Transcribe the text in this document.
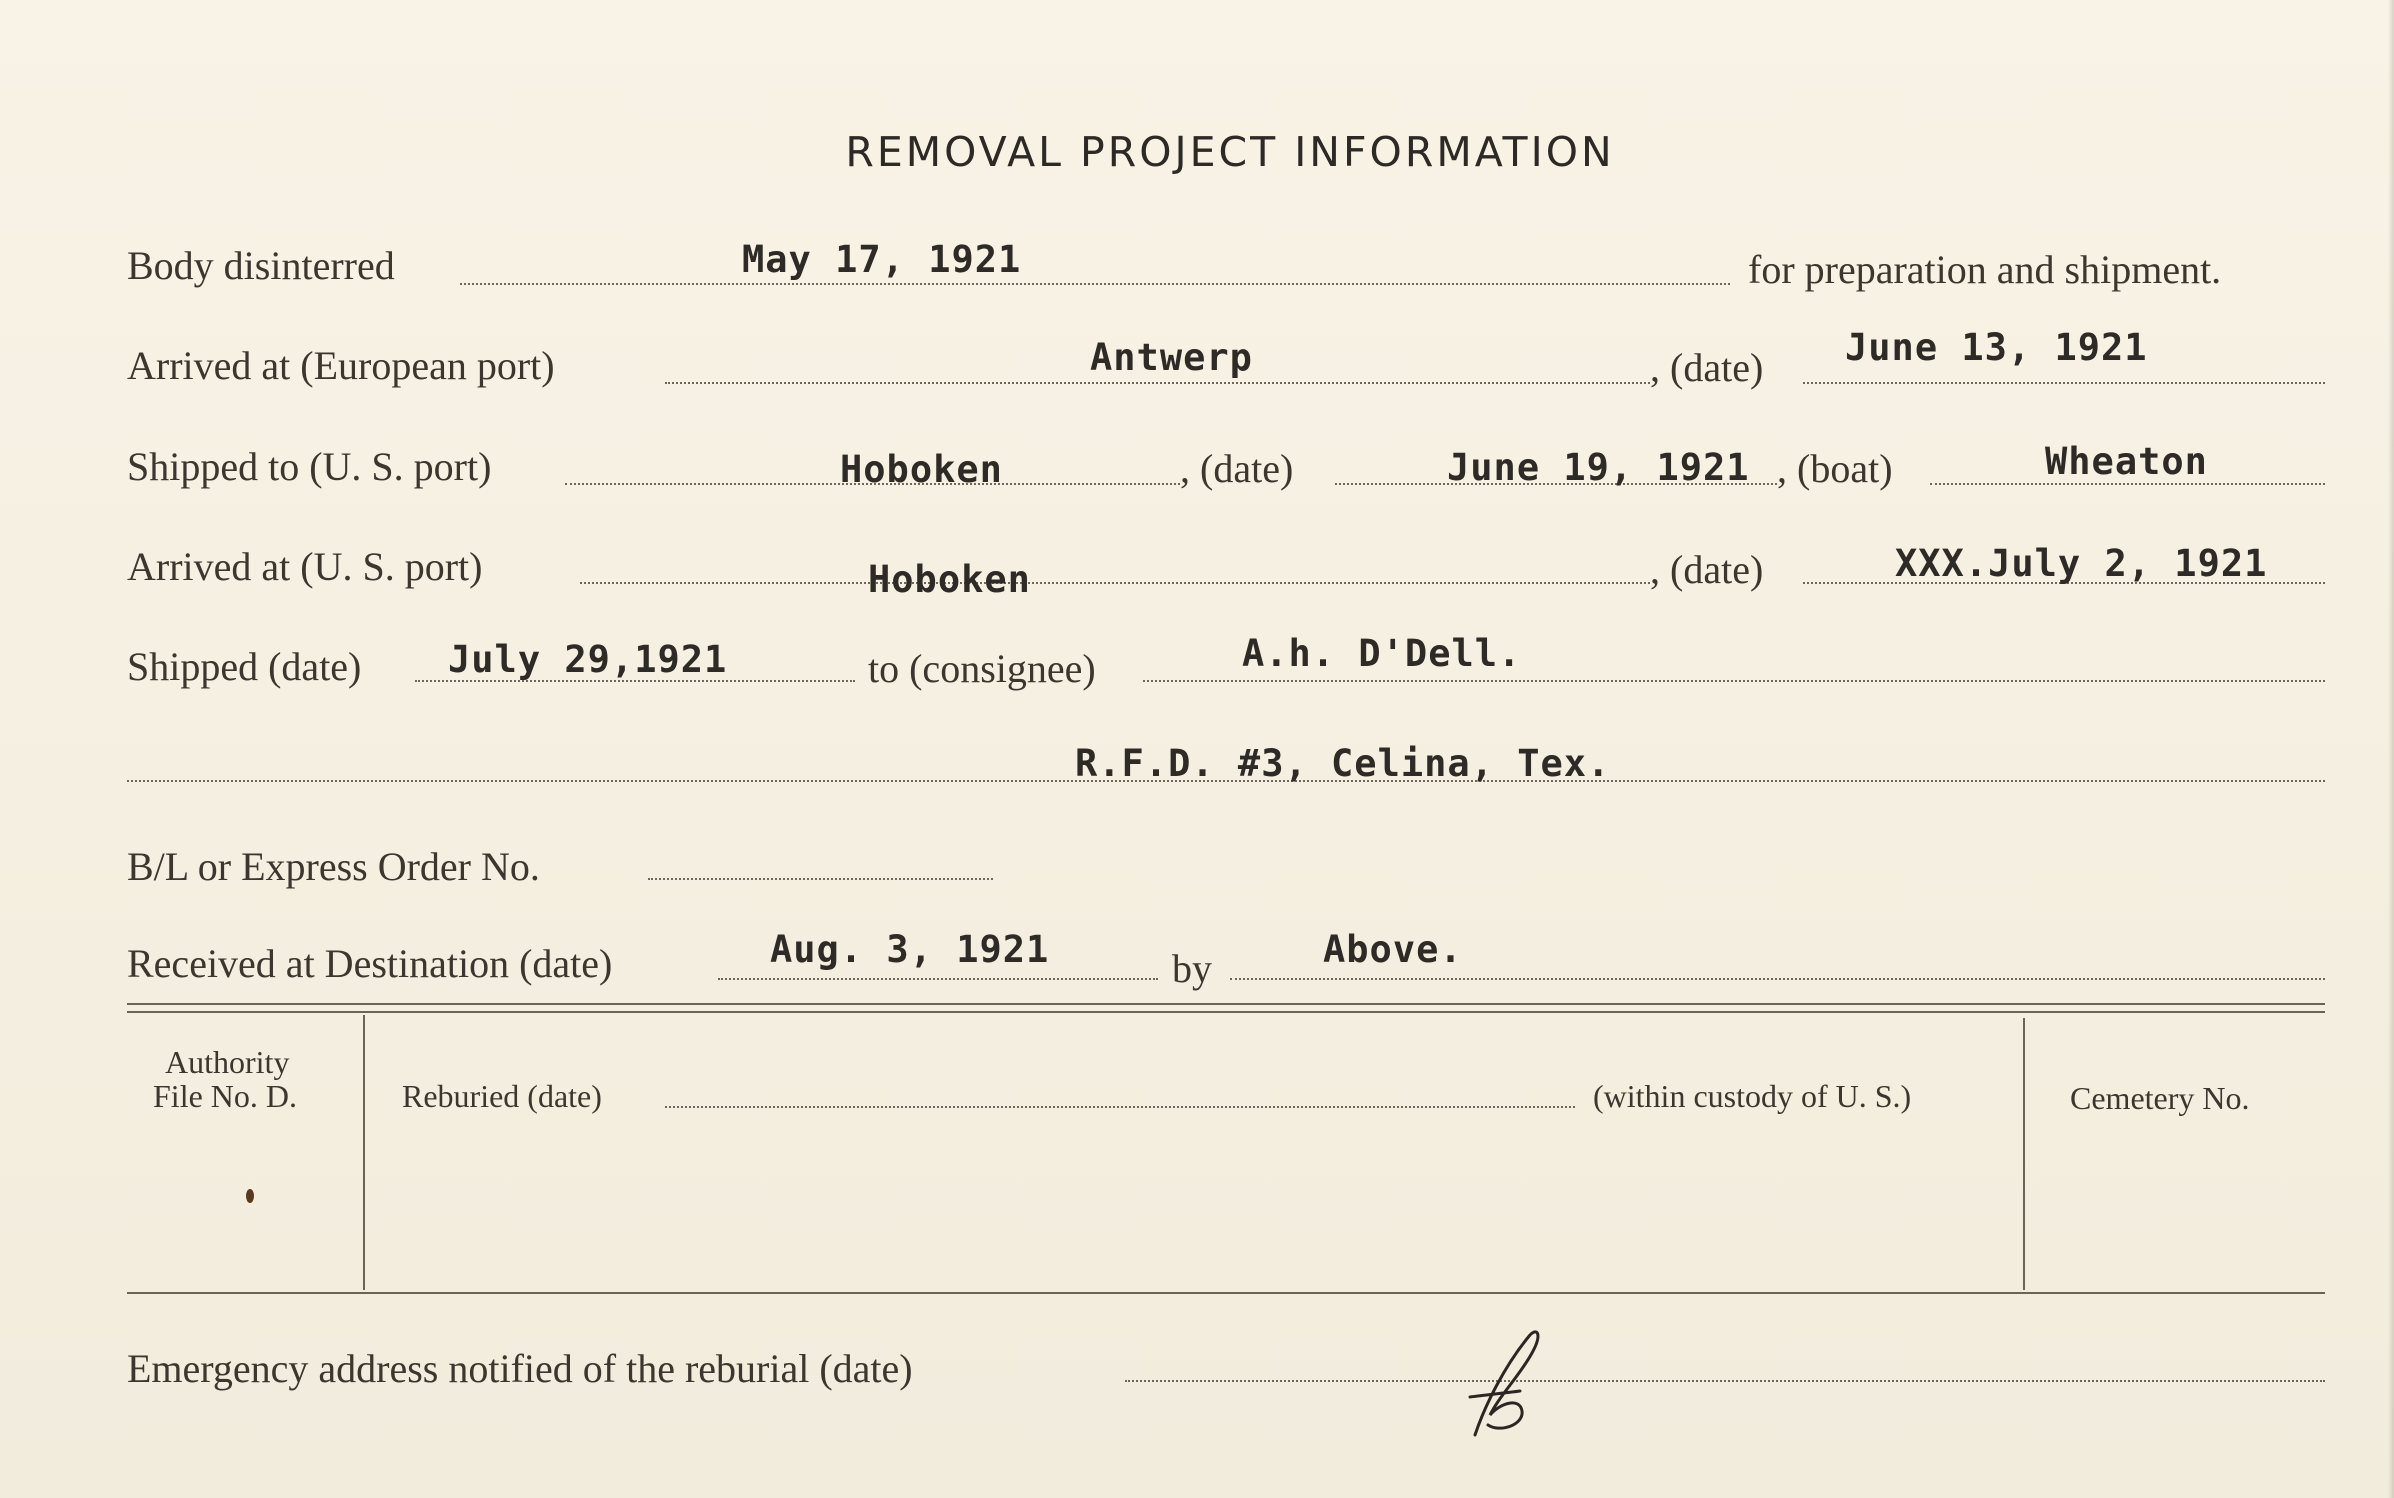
REMOVAL PROJECT INFORMATION
Body disinterred	May 17, 1921	for preparation and shipment.
Arrived at (European port)	Antwerp	, (date) June 13, 1921
Shipped to (U. S. port)	Hoboken	, (date)	June 19, 1921 , (boat)	Wheaton
Arrived at (U. S. port)	Hoboken	, (date)	XXX.July 2, 1921
Shipped (date) July 29,1921	to (consignee)	A.h. D'Dell.
R.F.D. #3, Celina, Tex.
B/L or Express Order No.
Received at Destination (date)	Aug. 3, 1921	by	Above.
Authority
File No. D.	Reburied (date)	(within custody of U. S.)	Cemetery No.
Emergency address notified of the reburial (date)
